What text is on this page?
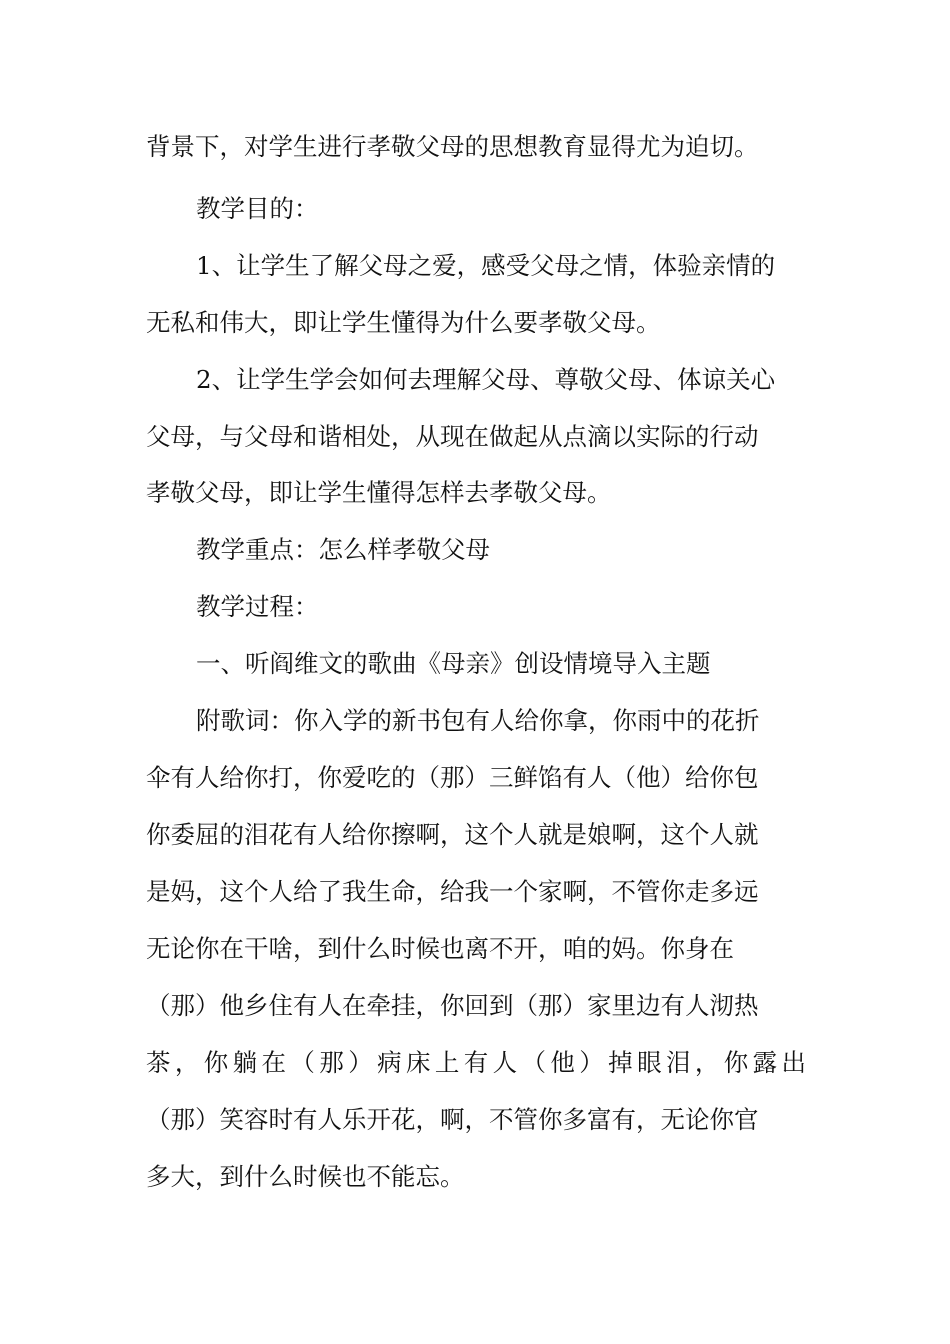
背景下，对学生进行孝敬父母的思想教育显得尤为迫切。
教学目的：
1、让学生了解父母之爱，感受父母之情，体验亲情的
无私和伟大，即让学生懂得为什么要孝敬父母。
2、让学生学会如何去理解父母、尊敬父母、体谅关心
父母，与父母和谐相处，从现在做起从点滴以实际的行动
孝敬父母，即让学生懂得怎样去孝敬父母。
教学重点：怎么样孝敬父母
教学过程：
一、听阎维文的歌曲《母亲》创设情境导入主题
附歌词：你入学的新书包有人给你拿，你雨中的花折
伞有人给你打，你爱吃的（那）三鲜馅有人（他）给你包
你委屈的泪花有人给你擦啊，这个人就是娘啊，这个人就
是妈，这个人给了我生命，给我一个家啊，不管你走多远
无论你在干啥，到什么时候也离不开，咱的妈。你身在
（那）他乡住有人在牵挂，你回到（那）家里边有人沏热
茶，你躺在（那）病床上有人（他）掉眼泪，你露出
（那）笑容时有人乐开花，啊，不管你多富有，无论你官
多大，到什么时候也不能忘。
